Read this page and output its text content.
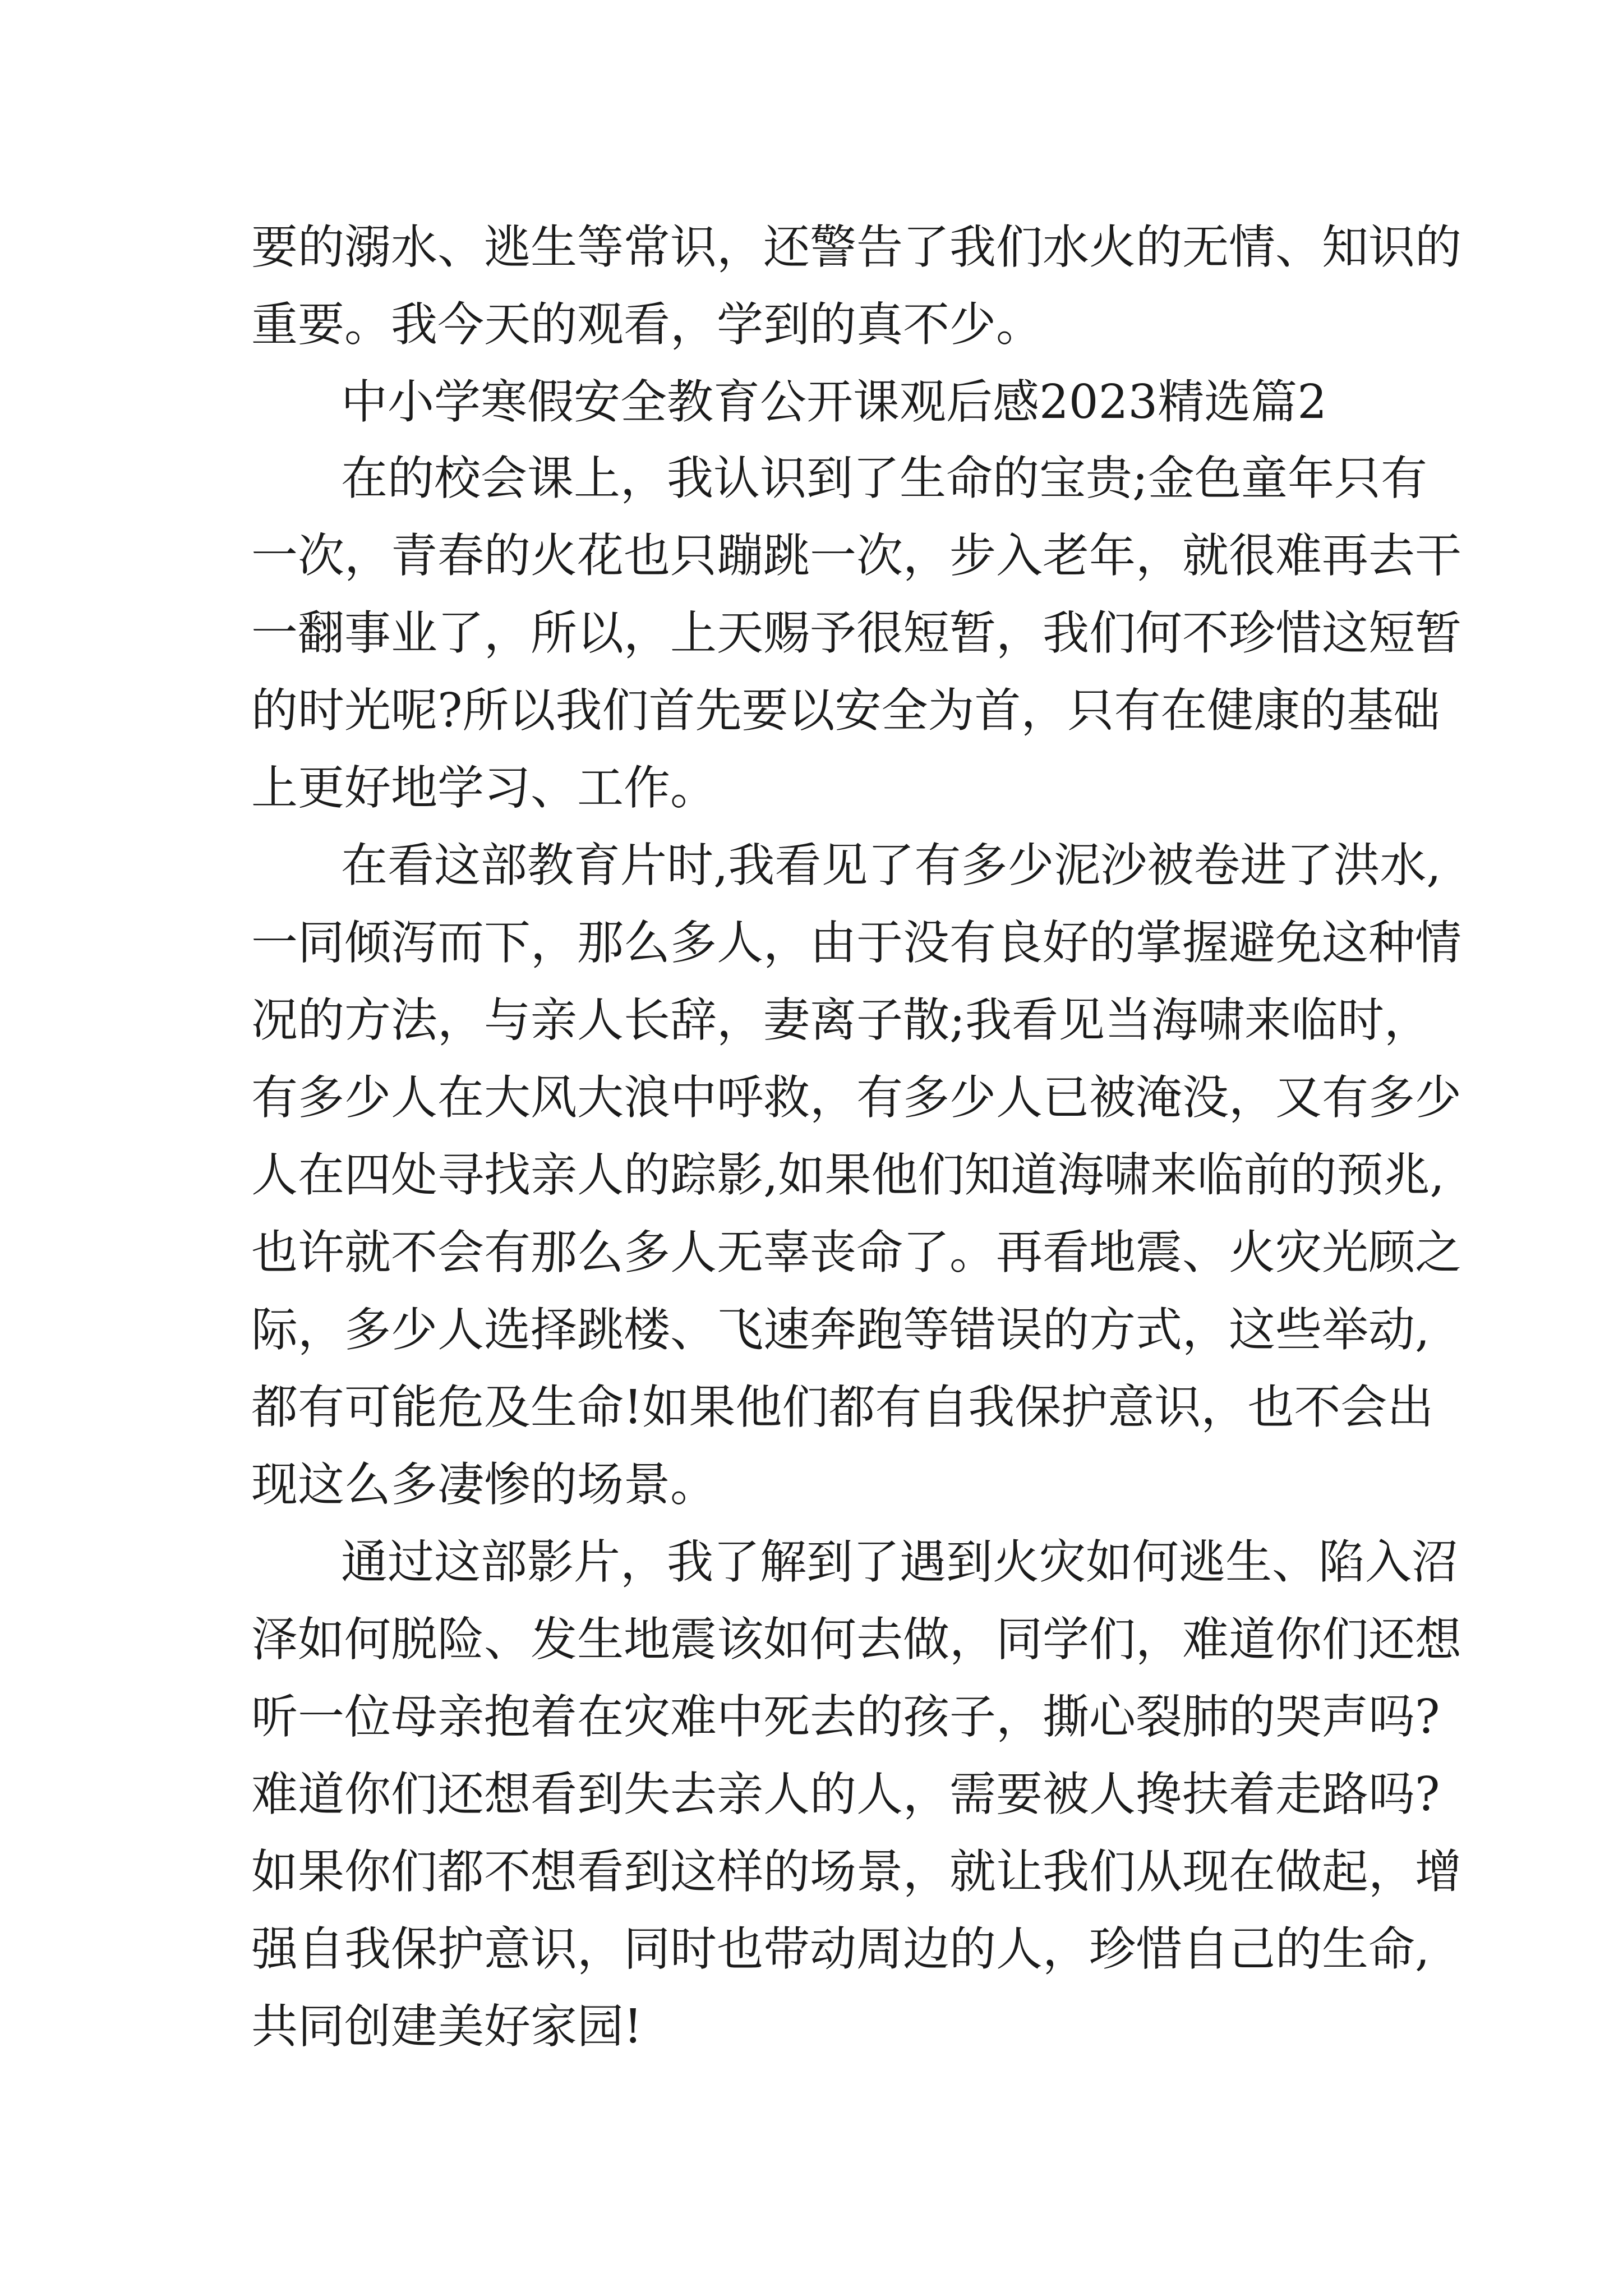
要的溺水、逃生等常识，还警告了我们水火的无情、知识的
重要。我今天的观看，学到的真不少。
中小学寒假安全教育公开课观后感2023精选篇2
在的校会课上，我认识到了生命的宝贵;金色童年只有
一次，青春的火花也只蹦跳一次，步入老年，就很难再去干
一翻事业了，所以，上天赐予很短暂，我们何不珍惜这短暂
的时光呢?所以我们首先要以安全为首，只有在健康的基础
上更好地学习、工作。
在看这部教育片时,我看见了有多少泥沙被卷进了洪水,
一同倾泻而下，那么多人，由于没有良好的掌握避免这种情
况的方法，与亲人长辞，妻离子散;我看见当海啸来临时，
有多少人在大风大浪中呼救，有多少人已被淹没，又有多少
人在四处寻找亲人的踪影,如果他们知道海啸来临前的预兆,
也许就不会有那么多人无辜丧命了。再看地震、火灾光顾之
际，多少人选择跳楼、飞速奔跑等错误的方式，这些举动,
都有可能危及生命!如果他们都有自我保护意识，也不会出
现这么多凄惨的场景。
通过这部影片，我了解到了遇到火灾如何逃生、陷入沼
泽如何脱险、发生地震该如何去做，同学们，难道你们还想
听一位母亲抱着在灾难中死去的孩子，撕心裂肺的哭声吗?
难道你们还想看到失去亲人的人，需要被人搀扶着走路吗?
如果你们都不想看到这样的场景，就让我们从现在做起，增
强自我保护意识，同时也带动周边的人，珍惜自己的生命,
共同创建美好家园!
